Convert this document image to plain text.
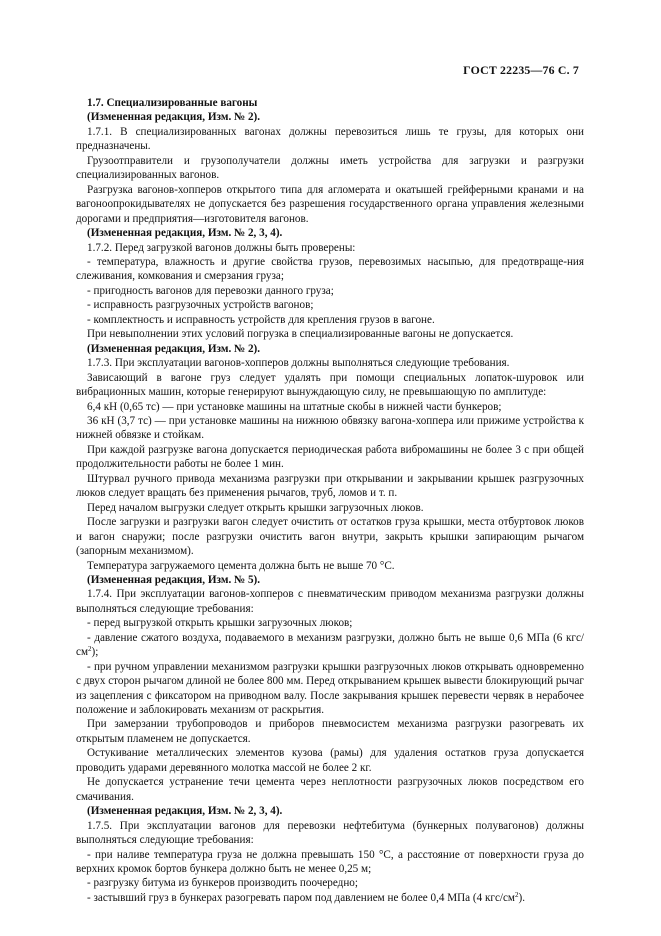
ГОСТ 22235—76 С. 7

1.7. Специализированные вагоны

(Измененная редакция, Изм. № 2).

1.7.1. В специализированных вагонах должны перевозиться лишь те грузы, для которых они

предназначены.

Грузоотправители и грузополучатели должны иметь устройства для загрузки и разгрузки специализированных вагонов.

Разгрузка вагонов-хопперов открытого типа для агломерата и окатышей грейферными кранами и на вагоноопрокидывателях не допускается без разрешения государственного органа управления железными дорогами и предприятия—изготовителя вагонов.

(Измененная редакция, Изм. № 2, 3, 4).

1.7.2. Перед загрузкой вагонов должны быть проверены:

- температура, влажность и другие свойства грузов, перевозимых насыпью, для предотвраще-ния слеживания, комкования и смерзания груза;

- пригодность вагонов для перевозки данного груза;

- исправность разгрузочных устройств вагонов;

- комплектность и исправность устройств для крепления грузов в вагоне.

При невыполнении этих условий погрузка в специализированные вагоны не допускается.

(Измененная редакция, Изм. № 2).

1.7.3. При эксплуатации вагонов-хопперов должны выполняться следующие требования.

Зависающий в вагоне груз следует удалять при помощи специальных лопаток-шуровок или вибрационных машин, которые генерируют вынуждающую силу, не превышающую по амплитуде:

6,4 кН (0,65 тс) — при установке машины на штатные скобы в нижней части бункеров;

36 кН (3,7 тс) — при установке машины на нижнюю обвязку вагона-хоппера или прижиме устройства к нижней обвязке и стойкам.

При каждой разгрузке вагона допускается периодическая работа вибромашины не более 3 с при общей продолжительности работы не более 1 мин.

Штурвал ручного привода механизма разгрузки при открывании и закрывании крышек разгрузочных люков следует вращать без применения рычагов, труб, ломов и т. п.

Перед началом выгрузки следует открыть крышки загрузочных люков.

После загрузки и разгрузки вагон следует очистить от остатков груза крышки, места отбуртовок люков и вагон снаружи; после разгрузки очистить вагон внутри, закрыть крышки запирающим рычагом (запорным механизмом).

Температура загружаемого цемента должна быть не выше 70 °С.

(Измененная редакция, Изм. № 5).

1.7.4. При эксплуатации вагонов-хопперов с пневматическим приводом механизма разгрузки должны выполняться следующие требования:

- перед выгрузкой открыть крышки загрузочных люков;

- давление сжатого воздуха, подаваемого в механизм разгрузки, должно быть не выше 0,6 МПа (6 кгс/$см^2$);

- при ручном управлении механизмом разгрузки крышки разгрузочных люков открывать одновременно с двух сторон рычагом длиной не более 800 мм. Перед открыванием крышек вывести блокирующий рычаг из зацепления с фиксатором на приводном валу. После закрывания крышек перевести червяк в нерабочее положение и заблокировать механизм от раскрытия.

При замерзании трубопроводов и приборов пневмосистем механизма разгрузки разогревать их открытым пламенем не допускается.

Остукивание металлических элементов кузова (рамы) для удаления остатков груза допускается проводить ударами деревянного молотка массой не более 2 кг.

Не допускается устранение течи цемента через неплотности разгрузочных люков посредством его смачивания.

(Измененная редакция, Изм. № 2, 3, 4).

1.7.5. При эксплуатации вагонов для перевозки нефтебитума (бункерных полувагонов) должны выполняться следующие требования:

- при наливе температура груза не должна превышать 150 °С, а расстояние от поверхности груза до верхних кромок бортов бункера должно быть не менее 0,25 м;

- разгрузку битума из бункеров производить поочередно;

- застывший груз в бункерах разогревать паром под давлением не более 0,4 МПа (4 кгс/$см^2$).
